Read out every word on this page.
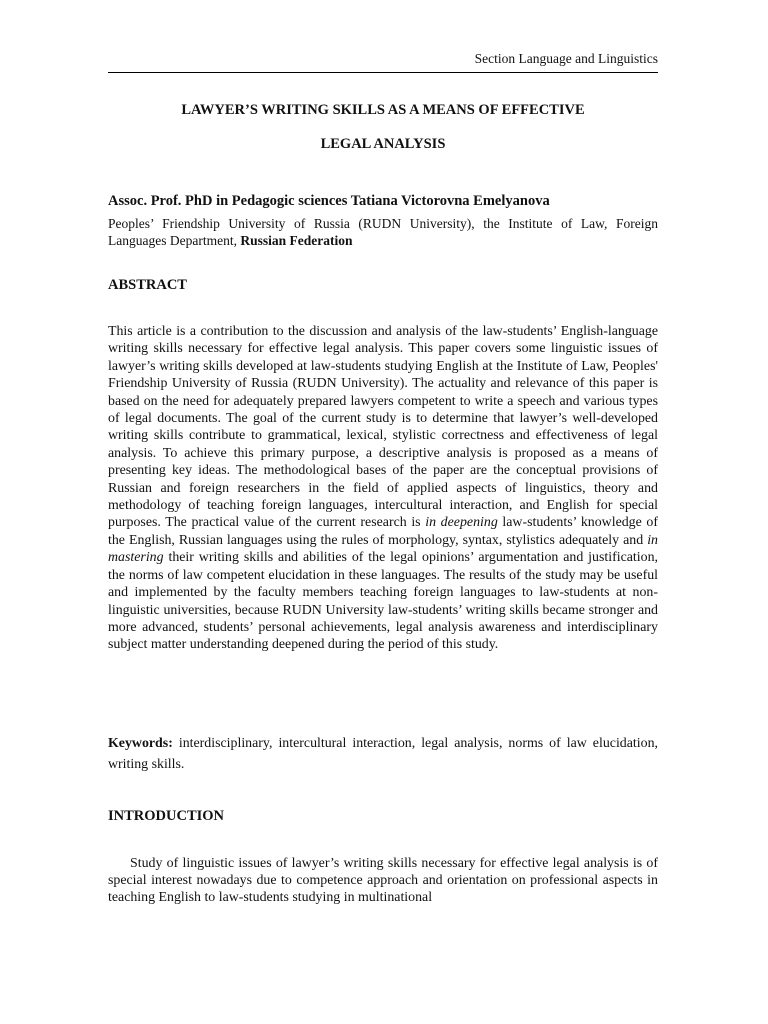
Section Language and Linguistics
LAWYER’S WRITING SKILLS AS A MEANS OF EFFECTIVE
LEGAL ANALYSIS
Assoc. Prof. PhD in Pedagogic sciences Tatiana Victorovna Emelyanova
Peoples’ Friendship University of Russia (RUDN University), the Institute of Law, Foreign Languages Department, Russian Federation
ABSTRACT
This article is a contribution to the discussion and analysis of the law-students’ English-language writing skills necessary for effective legal analysis. This paper covers some linguistic issues of lawyer’s writing skills developed at law-students studying English at the Institute of Law, Peoples' Friendship University of Russia (RUDN University). The actuality and relevance of this paper is based on the need for adequately prepared lawyers competent to write a speech and various types of legal documents. The goal of the current study is to determine that lawyer’s well-developed writing skills contribute to grammatical, lexical, stylistic correctness and effectiveness of legal analysis. To achieve this primary purpose, a descriptive analysis is proposed as a means of presenting key ideas. The methodological bases of the paper are the conceptual provisions of Russian and foreign researchers in the field of applied aspects of linguistics, theory and methodology of teaching foreign languages, intercultural interaction, and English for special purposes. The practical value of the current research is in deepening law-students’ knowledge of the English, Russian languages using the rules of morphology, syntax, stylistics adequately and in mastering their writing skills and abilities of the legal opinions’ argumentation and justification, the norms of law competent elucidation in these languages. The results of the study may be useful and implemented by the faculty members teaching foreign languages to law-students at non-linguistic universities, because RUDN University law-students’ writing skills became stronger and more advanced, students’ personal achievements, legal analysis awareness and interdisciplinary subject matter understanding deepened during the period of this study.
Keywords: interdisciplinary, intercultural interaction, legal analysis, norms of law elucidation, writing skills.
INTRODUCTION
Study of linguistic issues of lawyer’s writing skills necessary for effective legal analysis is of special interest nowadays due to competence approach and orientation on professional aspects in teaching English to law-students studying in multinational
